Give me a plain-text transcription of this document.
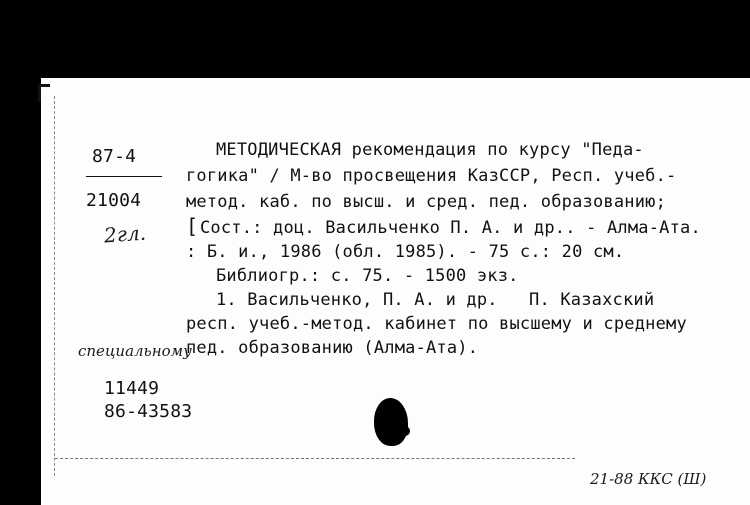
87-4
21004
2гл.
МЕТОДИЧЕСКАЯ рекомендация по курсу "Педа-
гогика" / М-во просвещения КазССР, Респ. учеб.-
метод. каб. по высш. и сред. пед. образованию;
[ Сост.: доц. Васильченко П. А. и др.. - Алма-Ата.
: Б. и., 1986 (обл. 1985). - 75 с.: 20 см.
Библиогр.: с. 75. - 1500 экз.
1. Васильченко, П. А. и др.   П. Казахский
респ. учеб.-метод. кабинет по высшему и среднему
пед. образованию (Алма-Ата).
специальному
11449
86-43583
21-88 ККС (Ш)
